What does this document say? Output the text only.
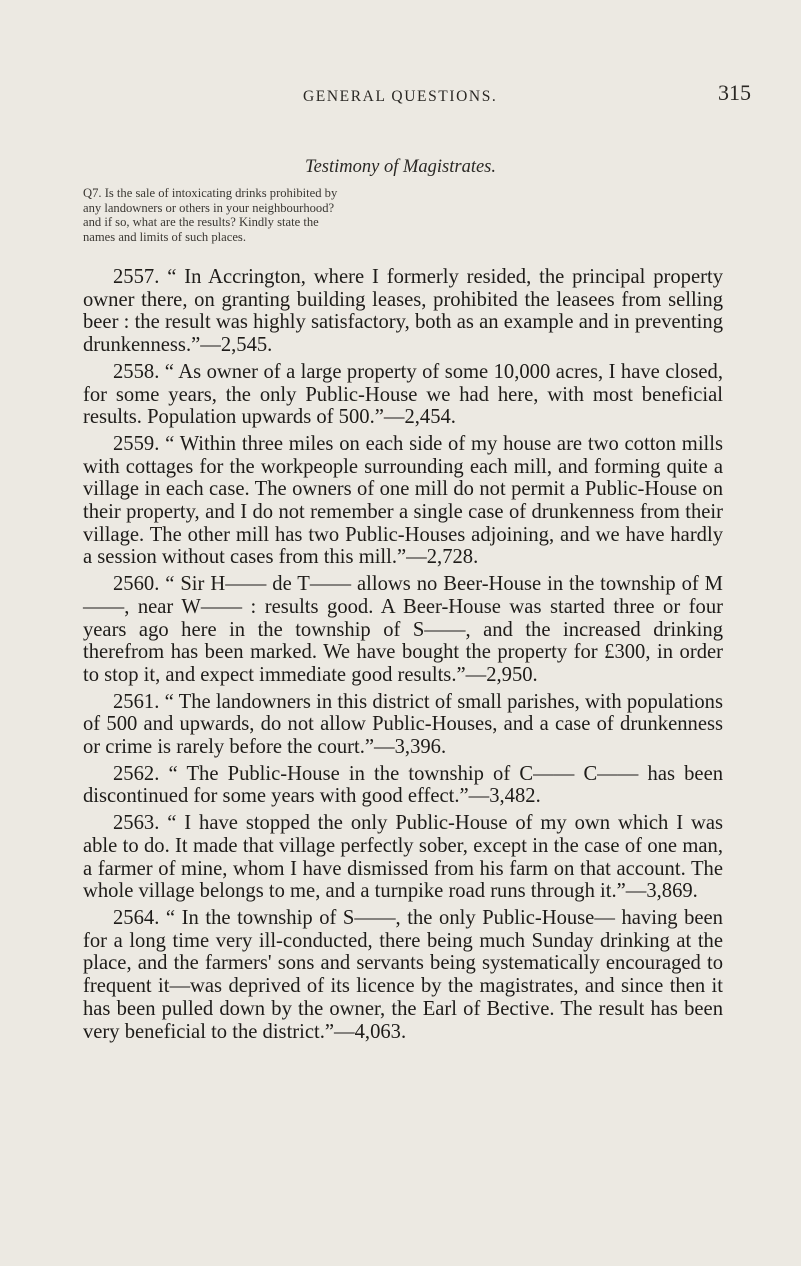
GENERAL QUESTIONS.	315
Testimony of Magistrates.
Q7. Is the sale of intoxicating drinks prohibited by any landowners or others in your neighbourhood? and if so, what are the results? Kindly state the names and limits of such places.

2557. “ In Accrington, where I formerly resided, the principal property owner there, on granting building leases, prohibited the leasees from selling beer : the result was highly satisfactory, both as an example and in preventing drunkenness.”—2,545.

2558. “ As owner of a large property of some 10,000 acres, I have closed, for some years, the only Public-House we had here, with most beneficial results. Population upwards of 500.”—2,454.

2559. “ Within three miles on each side of my house are two cotton mills with cottages for the workpeople surrounding each mill, and forming quite a village in each case. The owners of one mill do not permit a Public-House on their property, and I do not remember a single case of drunkenness from their village. The other mill has two Public-Houses adjoining, and we have hardly a session without cases from this mill.”—2,728.

2560. “ Sir H—— de T—— allows no Beer-House in the township of M——, near W—— : results good. A Beer-House was started three or four years ago here in the township of S——, and the increased drinking therefrom has been marked. We have bought the property for £300, in order to stop it, and expect immediate good results.”—2,950.

2561. “ The landowners in this district of small parishes, with populations of 500 and upwards, do not allow Public-Houses, and a case of drunkenness or crime is rarely before the court.”—3,396.

2562. “ The Public-House in the township of C—— C—— has been discontinued for some years with good effect.”—3,482.

2563. “ I have stopped the only Public-House of my own which I was able to do. It made that village perfectly sober, except in the case of one man, a farmer of mine, whom I have dismissed from his farm on that account. The whole village belongs to me, and a turnpike road runs through it.”—3,869.

2564. “ In the township of S——, the only Public-House— having been for a long time very ill-conducted, there being much Sunday drinking at the place, and the farmers' sons and servants being systematically encouraged to frequent it—was deprived of its licence by the magistrates, and since then it has been pulled down by the owner, the Earl of Bective. The result has been very beneficial to the district.”—4,063.
